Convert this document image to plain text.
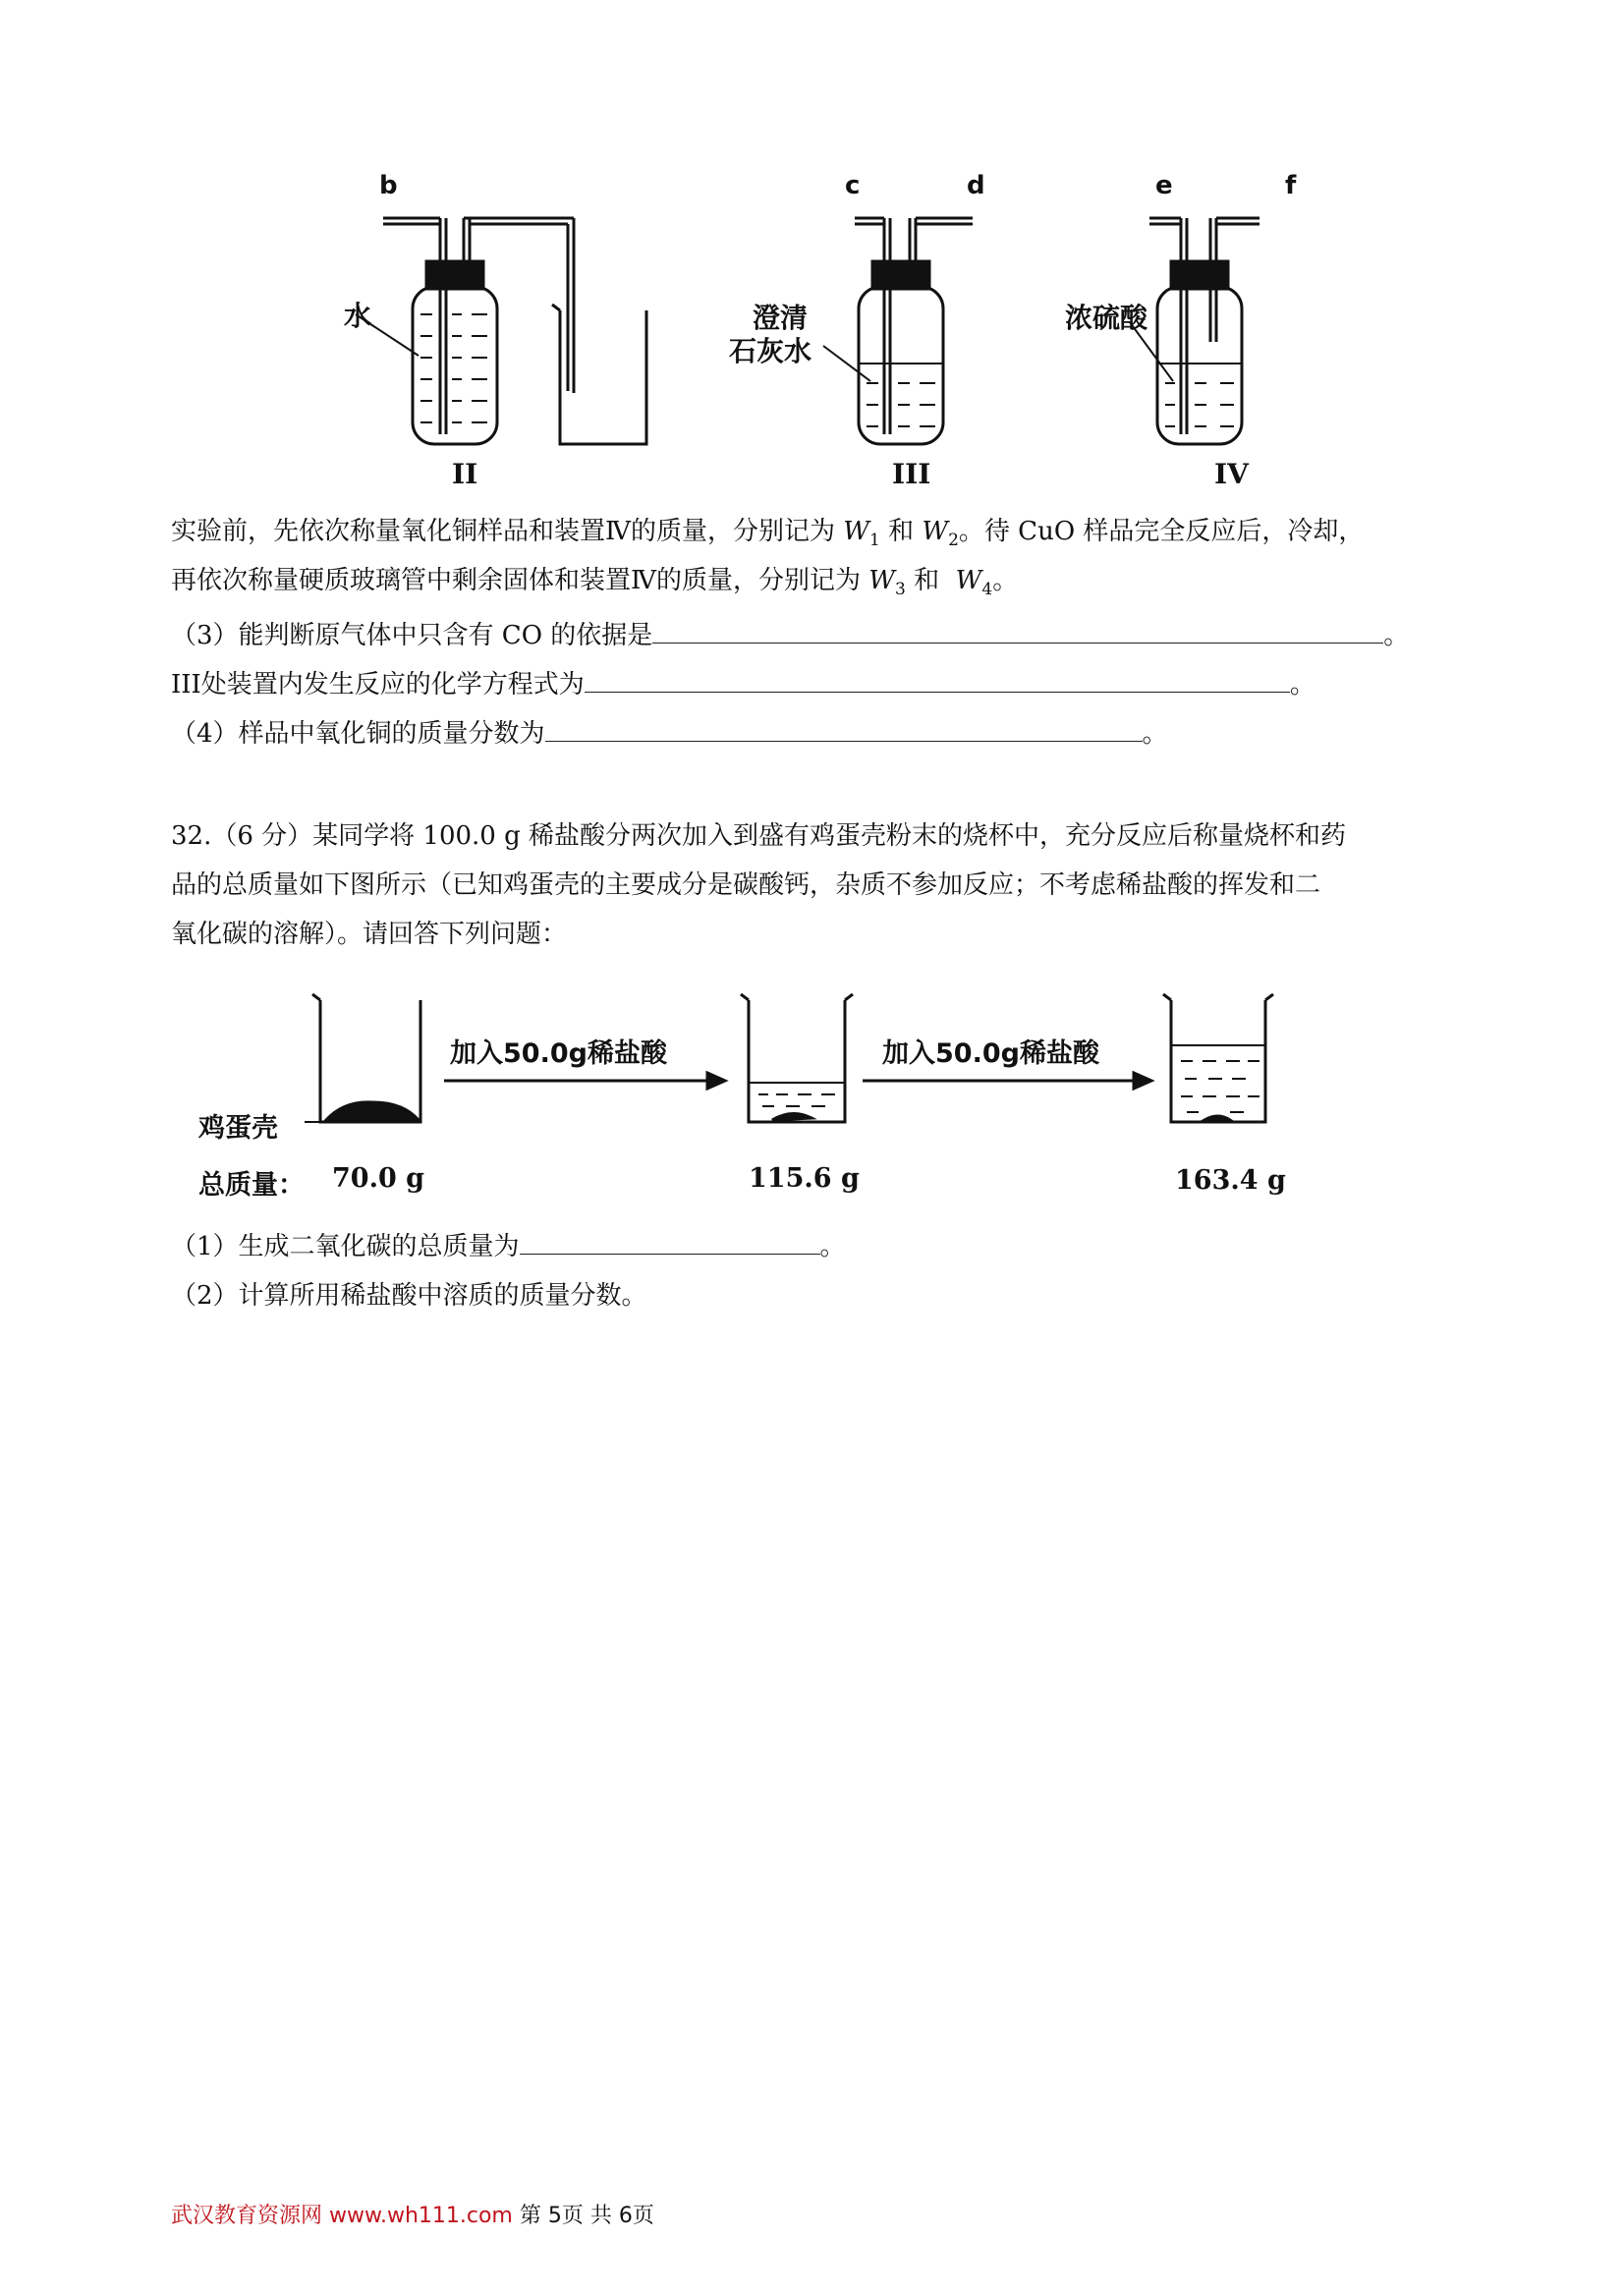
b	c	d	e	f
水	澄清
石灰水
浓硫酸
II	III	IV
实验前，先依次称量氧化铜样品和装置Ⅳ的质量，分别记为 $W_1$ 和 $W_2$。待 CuO 样品完全反应后，冷却，
再依次称量硬质玻璃管中剩余固体和装置Ⅳ的质量，分别记为 $W_3$ 和 $W_4$。
（3）能判断原气体中只含有 CO 的依据是	。
III处装置内发生反应的化学方程式为	。
（4）样品中氧化铜的质量分数为	。
32.（6 分）某同学将 100.0 g 稀盐酸分两次加入到盛有鸡蛋壳粉末的烧杯中，充分反应后称量烧杯和药
品的总质量如下图所示（已知鸡蛋壳的主要成分是碳酸钙，杂质不参加反应；不考虑稀盐酸的挥发和二
氧化碳的溶解）。请回答下列问题：
加入50.0g稀盐酸	加入50.0g稀盐酸
鸡蛋壳
总质量： 70.0 g	115.6 g	163.4 g
（1）生成二氧化碳的总质量为	。
（2）计算所用稀盐酸中溶质的质量分数。
武汉教育资源网 www.wh111.com 第 5页 共 6页
